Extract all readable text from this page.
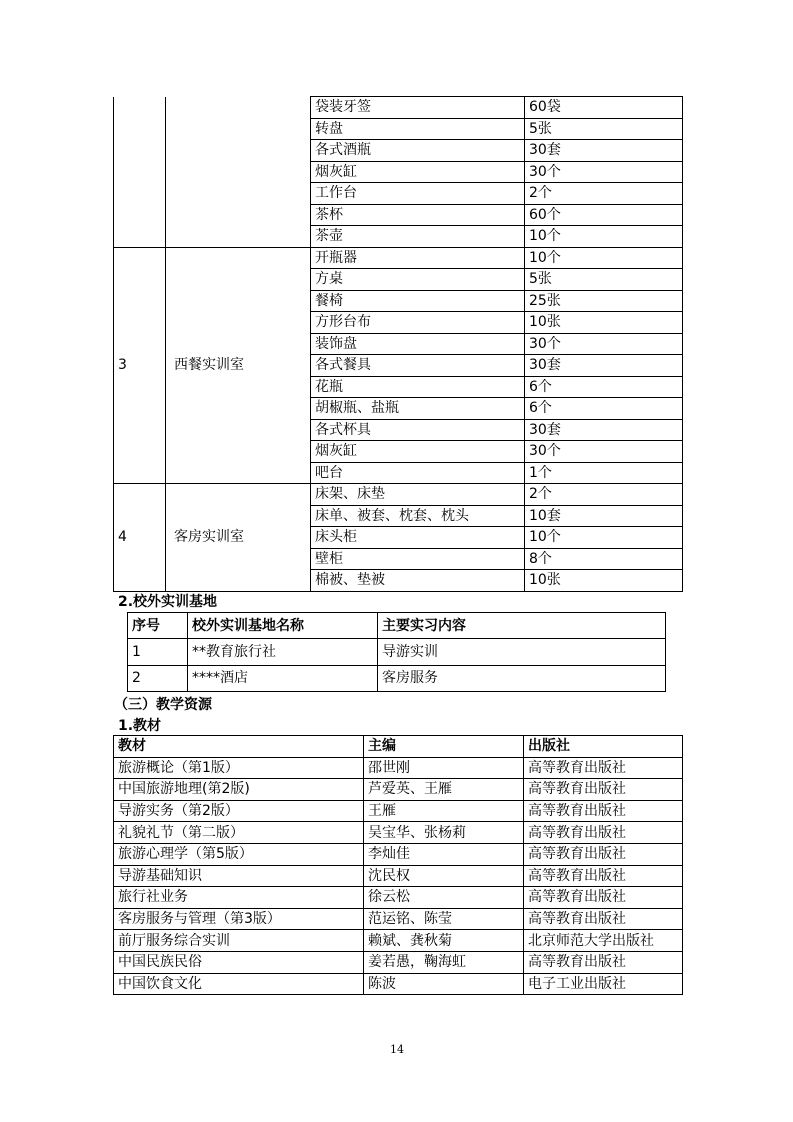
		袋装牙签	60袋
		转盘	5张
		各式酒瓶	30套
		烟灰缸	30个
		工作台	2个
		茶杯	60个
		茶壶	10个
3	西餐实训室	开瓶器	10个
		方桌	5张
		餐椅	25张
		方形台布	10张
		装饰盘	30个
		各式餐具	30套
		花瓶	6个
		胡椒瓶、盐瓶	6个
		各式杯具	30套
		烟灰缸	30个
		吧台	1个
4	客房实训室	床架、床垫	2个
		床单、被套、枕套、枕头	10套
		床头柜	10个
		壁柜	8个
		棉被、垫被	10张
2.校外实训基地
序号	校外实训基地名称	主要实习内容
1	**教育旅行社	导游实训
2	****酒店	客房服务
（三）教学资源
1.教材
教材	主编	出版社
旅游概论（第1版）	邵世刚	高等教育出版社
中国旅游地理(第2版)	芦爱英、王雁	高等教育出版社
导游实务（第2版）	王雁	高等教育出版社
礼貌礼节（第二版）	吴宝华、张杨莉	高等教育出版社
旅游心理学（第5版）	李灿佳	高等教育出版社
导游基础知识	沈民权	高等教育出版社
旅行社业务	徐云松	高等教育出版社
客房服务与管理（第3版）	范运铭、陈莹	高等教育出版社
前厅服务综合实训	赖斌、龚秋菊	北京师范大学出版社
中国民族民俗	姜若愚，鞠海虹	高等教育出版社
中国饮食文化	陈波	电子工业出版社
14
